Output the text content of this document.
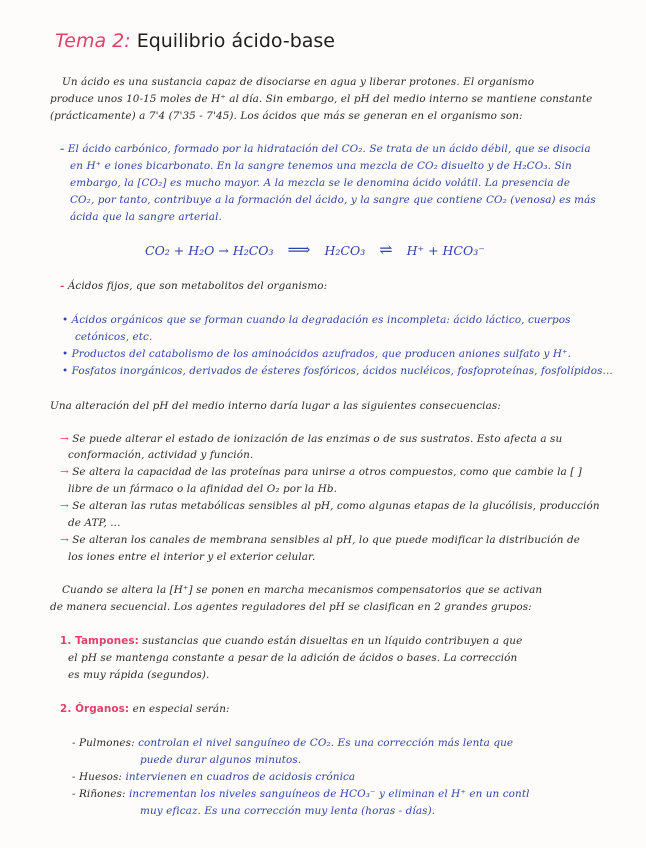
Tema 2: Equilibrio ácido-base
Un ácido es una sustancia capaz de disociarse en agua y liberar protones. El organismo
produce unos 10-15 moles de H⁺ al día. Sin embargo, el pH del medio interno se mantiene constante
(prácticamente) a 7'4 (7'35 - 7'45). Los ácidos que más se generan en el organismo son:
- El ácido carbónico, formado por la hidratación del CO₂. Se trata de un ácido débil, que se disocia
en H⁺ e iones bicarbonato. En la sangre tenemos una mezcla de CO₂ disuelto y de H₂CO₃. Sin
embargo, la [CO₂] es mucho mayor. A la mezcla se le denomina ácido volátil. La presencia de
CO₂, por tanto, contribuye a la formación del ácido, y la sangre que contiene CO₂ (venosa) es más
ácida que la sangre arterial.
CO₂ + H₂O → H₂CO₃ ⟹ H₂CO₃ ⇌ H⁺ + HCO₃⁻
- Ácidos fijos, que son metabolitos del organismo:
• Ácidos orgánicos que se forman cuando la degradación es incompleta: ácido láctico, cuerpos
cetónicos, etc.
• Productos del catabolismo de los aminoácidos azufrados, que producen aniones sulfato y H⁺.
• Fosfatos inorgánicos, derivados de ésteres fosfóricos, ácidos nucléicos, fosfoproteínas, fosfolípidos...
Una alteración del pH del medio interno daría lugar a las siguientes consecuencias:
→ Se puede alterar el estado de ionización de las enzimas o de sus sustratos. Esto afecta a su
conformación, actividad y función.
→ Se altera la capacidad de las proteínas para unirse a otros compuestos, como que cambie la [ ]
libre de un fármaco o la afinidad del O₂ por la Hb.
→ Se alteran las rutas metabólicas sensibles al pH, como algunas etapas de la glucólisis, producción
de ATP, ...
→ Se alteran los canales de membrana sensibles al pH, lo que puede modificar la distribución de
los iones entre el interior y el exterior celular.
Cuando se altera la [H⁺] se ponen en marcha mecanismos compensatorios que se activan
de manera secuencial. Los agentes reguladores del pH se clasifican en 2 grandes grupos:
1. Tampones: sustancias que cuando están disueltas en un líquido contribuyen a que
el pH se mantenga constante a pesar de la adición de ácidos o bases. La corrección
es muy rápida (segundos).
2. Órganos: en especial serán:
- Pulmones: controlan el nivel sanguíneo de CO₂. Es una corrección más lenta que
puede durar algunos minutos.
- Huesos: intervienen en cuadros de acidosis crónica
- Riñones: incrementan los niveles sanguíneos de HCO₃⁻ y eliminan el H⁺ en un contl
muy eficaz. Es una corrección muy lenta (horas - días).
